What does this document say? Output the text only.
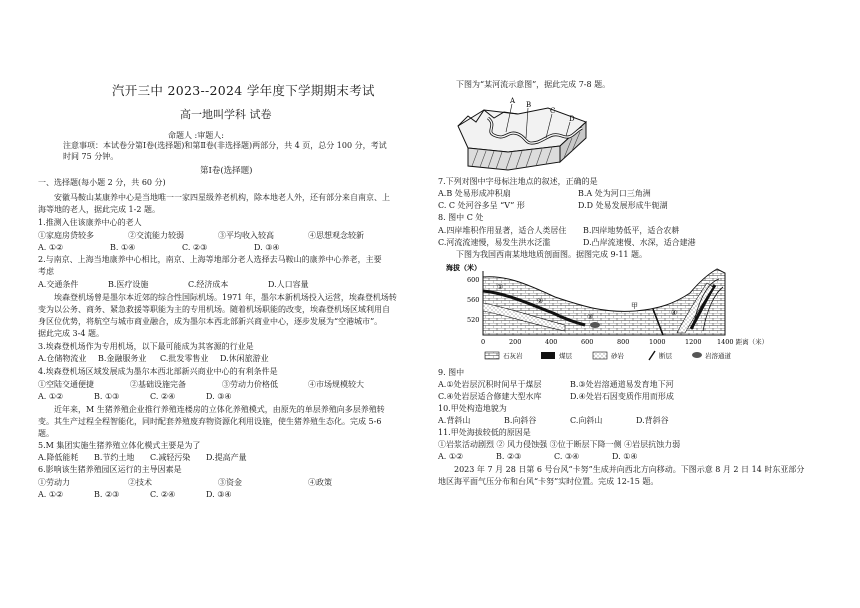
汽开三中 2023--2024 学年度下学期期末考试
高一地叫学科 试卷
命题人 :审题人:
注意事项：本试卷分第Ⅰ卷(选择题)和第Ⅱ卷(非选择题)两部分，共 4 页，总分 100 分，考试
时间 75 分钟。
第Ⅰ卷(选择题)
一、选择题(每小题 2 分，共 60 分)
安徽马鞍山某康养中心是当地唯一一家四星级养老机构，除本地老人外，还有部分来自南京、上
海等地的老人，据此完成 1-2 题。
1.推测入住该康养中心的老人
①家庭房贷较多	②交流能力较弱	③平均收入较高	④思想观念较新
A. ①②	B. ①④	C. ②③	D. ③④
2.与南京、上海当地康养中心相比，南京、上海等地部分老人选择去马鞍山的康养中心养老，主要
考虑
A.交通条件	B.医疗设施	C.经济成本	D.人口容量
埃森登机场曾是墨尔本近郊的综合性国际机场。1971 年，墨尔本新机场投入运营，埃森登机场转
变为以公务、商务、紧急救援等职能为主的专用机场。随着机场职能的改变，埃森登机场区域利用自
身区位优势，将航空与城市商业融合，成为墨尔本西北部新兴商业中心，逐步发展为“空港城市”。
据此完成 3-4 题。
3.埃森登机场作为专用机场，以下最可能成为其客源的行业是
A.仓储物流业 B.金融服务业 C.批发零售业 D.休闲旅游业
4.埃森登机场区域发展成为墨尔本西北部新兴商业中心的有利条件是
①空陆交通便捷	②基础设施完备	③劳动力价格低	④市场规模较大
A. ①②	B. ①③	C. ②④	D. ③④
近年来，M 生猪养殖企业推行养殖连楼房的立体化养殖模式，由原先的单层养殖向多层养殖转
变。其生产过程全程智能化，同时配套养殖废弃物资源化利用设施，使生猪养殖生态化。完成 5-6
题。
5.M 集团实施生猪养殖立体化模式主要是为了
A.降低能耗 B.节约土地 C.减轻污染 D.提高产量
6.影响该生猪养殖园区运行的主导因素是
①劳动力	②技术	③资金	④政策
A. ①②	B. ②③	C. ②④	D. ③④
下图为“某河流示意图”，据此完成 7-8 题。
A B
C
D
7.下列对图中字母标注地点的叙述，正确的是
A.B 处易形成冲积扇	B.A 处为河口三角洲
C. C 处河谷多呈 “V” 形	D.D 处易发展形成牛轭湖
8. 图中 C 处
A.四岸堆积作用显著，适合人类居住 B.四岸地势低平，适合农耕
C.河流流速慢，易发生洪水泛滥	D.凸岸流速慢、水深，适合建港
下图为我国西南某地地质剖面图。据图完成 9-11 题。
海拔（米）
600
560
520
①
②
③	④
甲
0	200	400	600	800	1000	1200 1400 距离（米）
石灰岩	煤层	砂岩	断层	岩溶通道
9. 图中
A.①处岩层沉积时间早于煤层	B.③处岩溶通道易发育地下河
C.④处岩层适合修建大型水库	D.④处岩石因变质作用而形成
10.甲处构造地貌为
A.背斜山	B.向斜谷	C.向斜山	D.背斜谷
11.甲处海拔较低的原因是
①岩浆活动剧烈 ② 风力侵蚀强 ③位于断层下降一侧 ④岩层抗蚀力弱
A. ①②	B. ②③	C. ③④	D. ①④
2023 年 7 月 28 日第 6 号台风“卡努”生成并向西北方向移动。下图示意 8 月 2 日 14 时东亚部分
地区海平面气压分布和台风“卡努”实时位置。完成 12-15 题。
